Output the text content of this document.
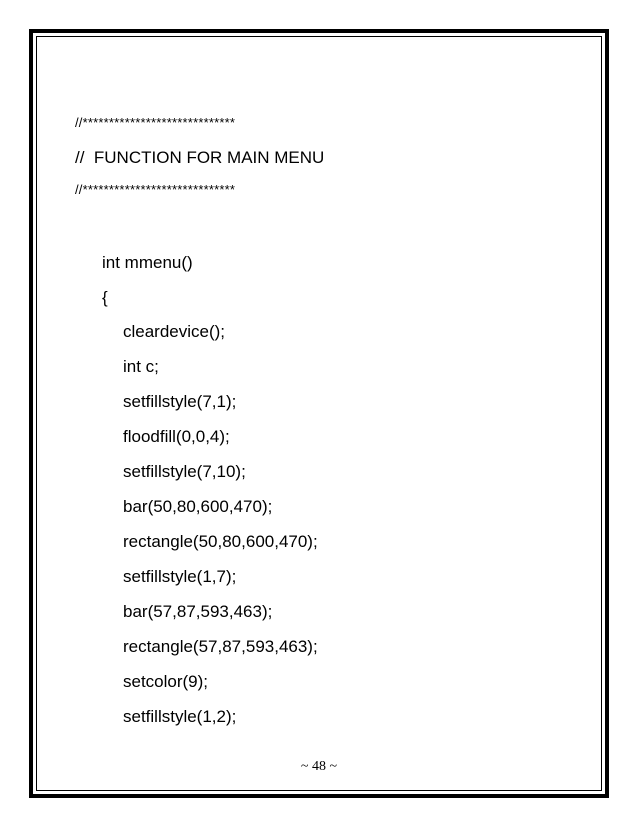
//*****************************
//  FUNCTION FOR MAIN MENU
//*****************************
int mmenu()
{
cleardevice();
int c;
setfillstyle(7,1);
floodfill(0,0,4);
setfillstyle(7,10);
bar(50,80,600,470);
rectangle(50,80,600,470);
setfillstyle(1,7);
bar(57,87,593,463);
rectangle(57,87,593,463);
setcolor(9);
setfillstyle(1,2);
~ 48 ~
